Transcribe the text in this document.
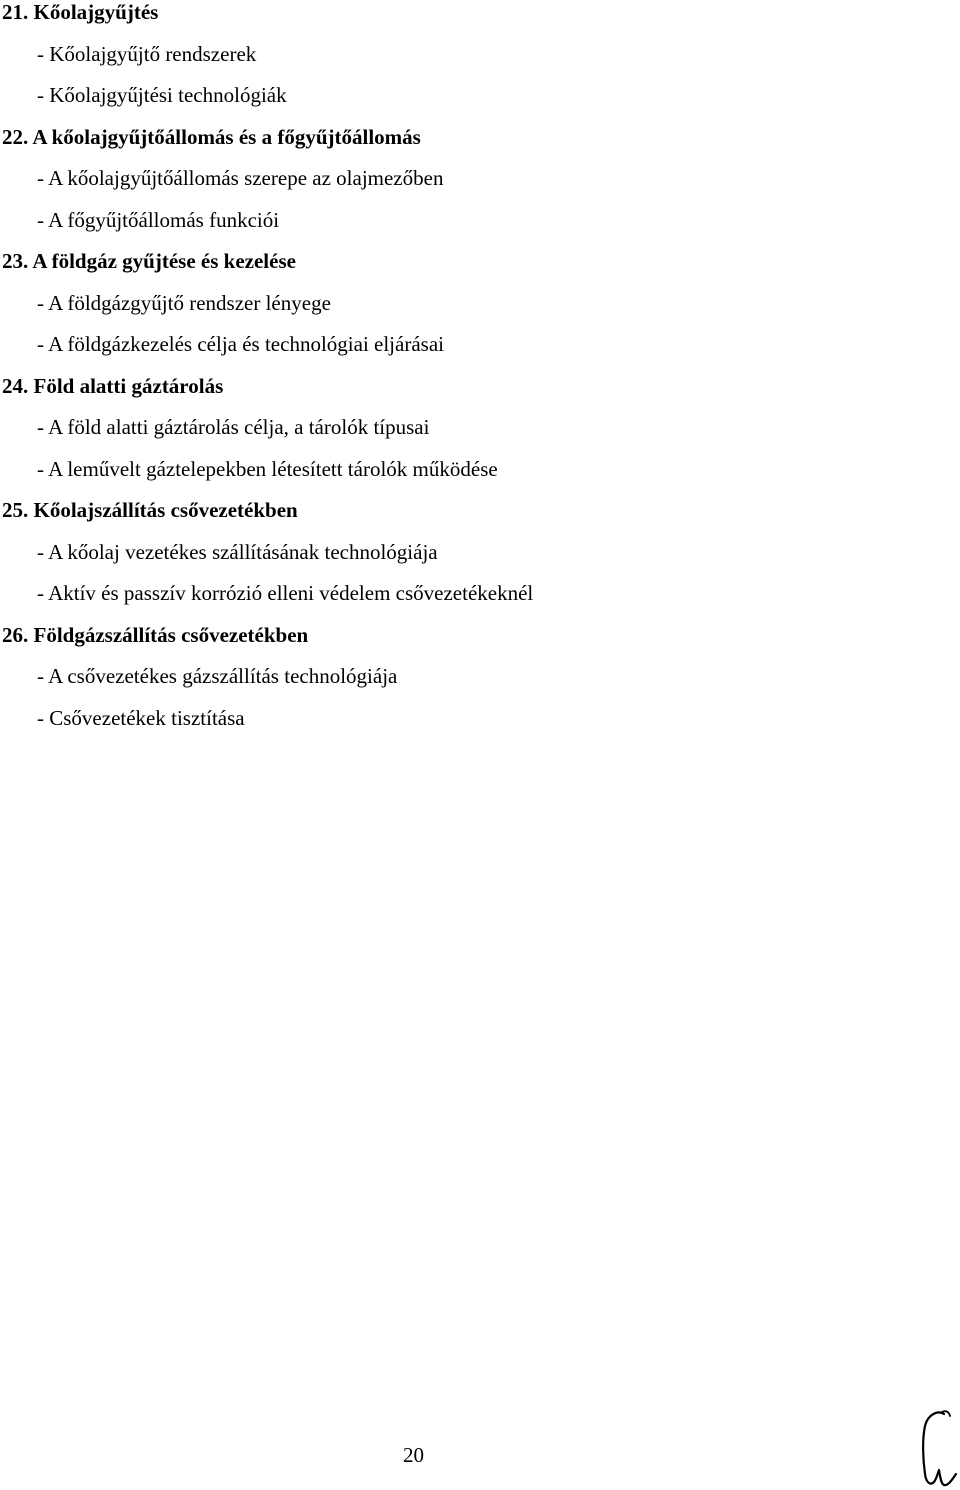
21. Kőolajgyűjtés
- Kőolajgyűjtő rendszerek
- Kőolajgyűjtési technológiák
22. A kőolajgyűjtőállomás és a főgyűjtőállomás
- A kőolajgyűjtőállomás szerepe az olajmezőben
- A főgyűjtőállomás funkciói
23. A földgáz gyűjtése és kezelése
- A földgázgyűjtő rendszer lényege
- A földgázkezelés célja és technológiai eljárásai
24. Föld alatti gáztárolás
- A föld alatti gáztárolás célja, a tárolók típusai
- A leművelt gáztelepekben létesített tárolók működése
25. Kőolajszállítás csővezetékben
- A kőolaj vezetékes szállításának technológiája
- Aktív és passzív korrózió elleni védelem csővezetékeknél
26. Földgázszállítás csővezetékben
- A csővezetékes gázszállítás technológiája
- Csővezetékek tisztítása
20
